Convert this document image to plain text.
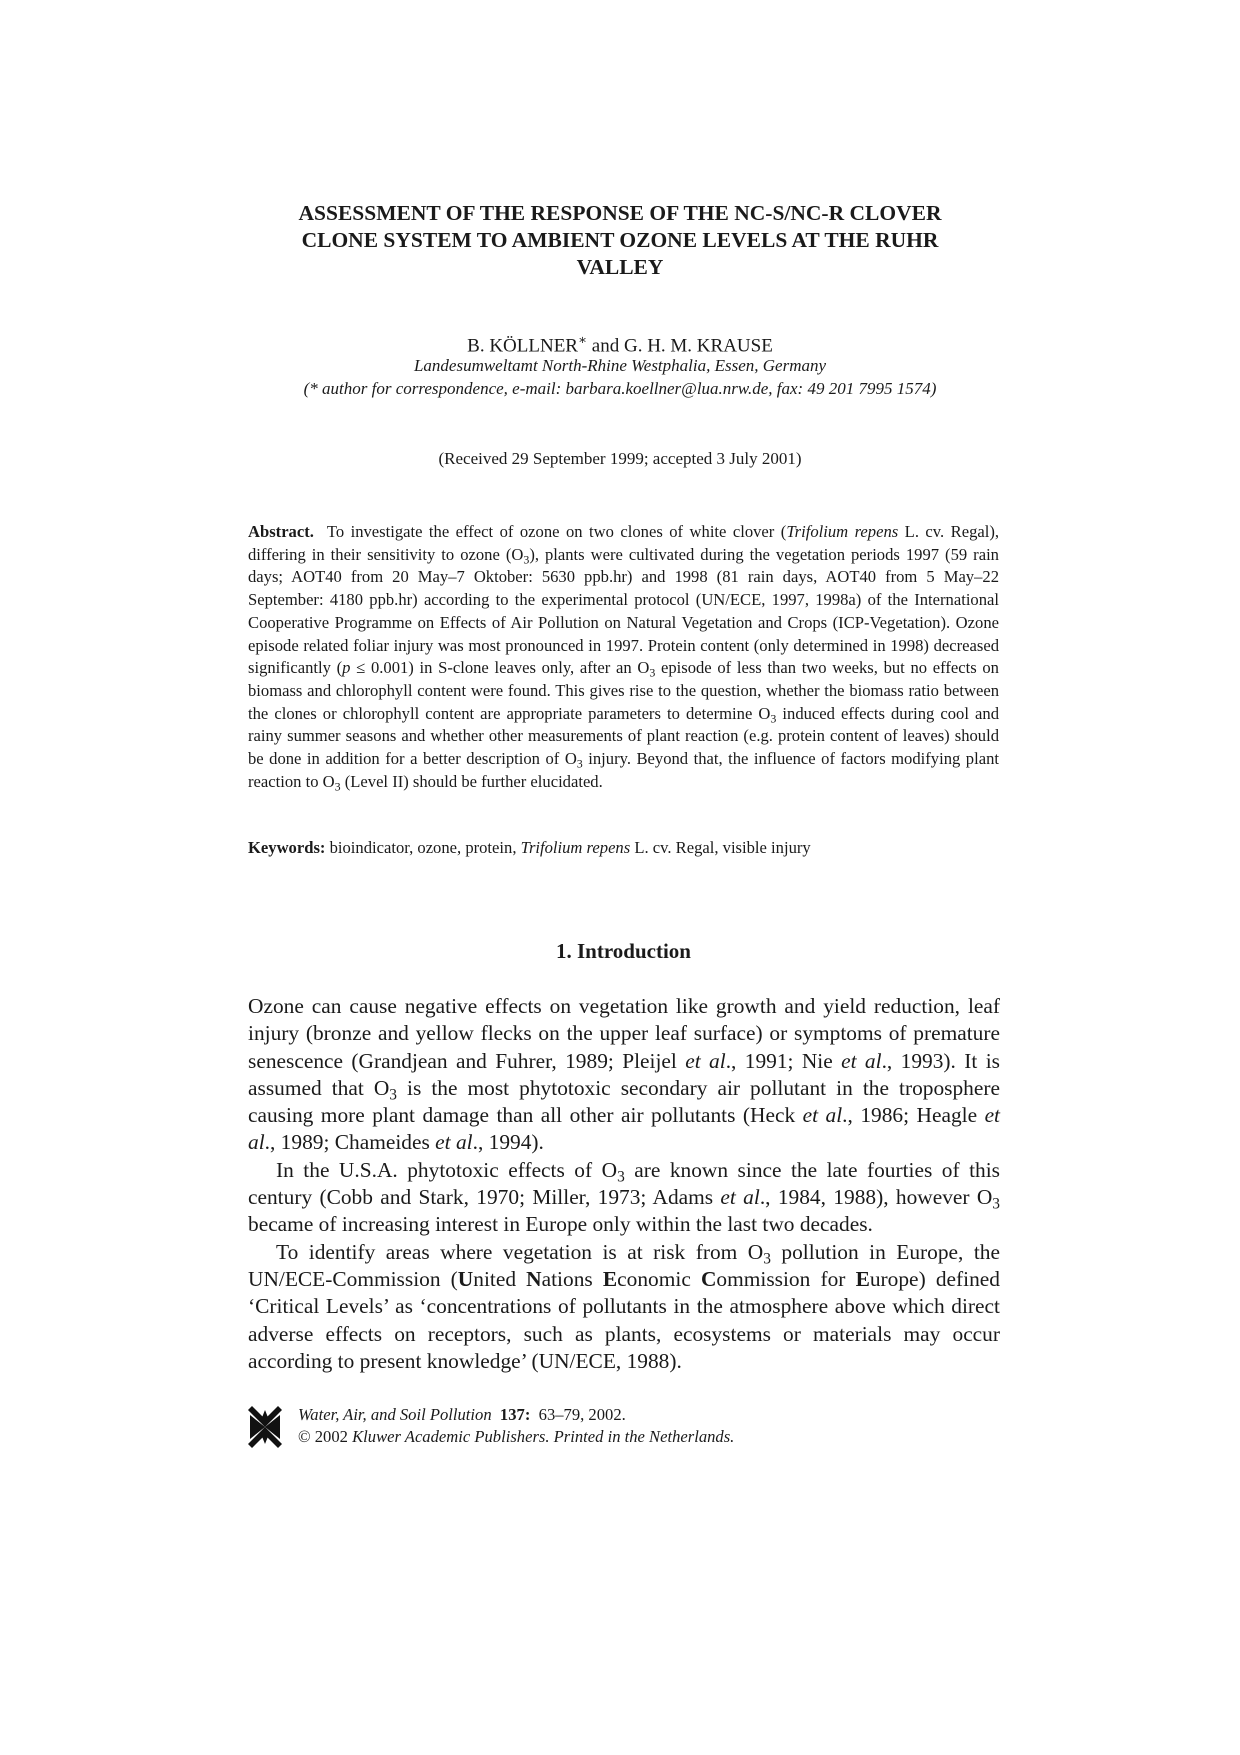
ASSESSMENT OF THE RESPONSE OF THE NC-S/NC-R CLOVER
CLONE SYSTEM TO AMBIENT OZONE LEVELS AT THE RUHR
VALLEY
B. KÖLLNER∗ and G. H. M. KRAUSE
Landesumweltamt North-Rhine Westphalia, Essen, Germany
(* author for correspondence, e-mail: barbara.koellner@lua.nrw.de, fax: 49 201 7995 1574)
(Received 29 September 1999; accepted 3 July 2001)
Abstract. To investigate the effect of ozone on two clones of white clover (Trifolium repens L. cv. Regal), differing in their sensitivity to ozone $(O_3)$, plants were cultivated during the vegetation periods 1997 (59 rain days; AOT40 from 20 May–7 Oktober: 5630 ppb.hr) and 1998 (81 rain days, AOT40 from 5 May–22 September: 4180 ppb.hr) according to the experimental protocol (UN/ECE, 1997, 1998a) of the International Cooperative Programme on Effects of Air Pollution on Natural Vegetation and Crops (ICP-Vegetation). Ozone episode related foliar injury was most pronounced in 1997. Protein content (only determined in 1998) decreased significantly (p ≤ 0.001) in S-clone leaves only, after an $O_3$ episode of less than two weeks, but no effects on biomass and chlorophyll content were found. This gives rise to the question, whether the biomass ratio between the clones or chlorophyll content are appropriate parameters to determine $O_3$ induced effects during cool and rainy summer seasons and whether other measurements of plant reaction (e.g. protein content of leaves) should be done in addition for a better description of $O_3$ injury. Beyond that, the influence of factors modifying plant reaction to $O_3$ (Level II) should be further elucidated.
Keywords: bioindicator, ozone, protein, Trifolium repens L. cv. Regal, visible injury
1. Introduction

Ozone can cause negative effects on vegetation like growth and yield reduction, leaf injury (bronze and yellow flecks on the upper leaf surface) or symptoms of premature senescence (Grandjean and Fuhrer, 1989; Pleijel et al., 1991; Nie et al., 1993). It is assumed that $O_3$ is the most phytotoxic secondary air pollutant in the troposphere causing more plant damage than all other air pollutants (Heck et al., 1986; Heagle et al., 1989; Chameides et al., 1994).

In the U.S.A. phytotoxic effects of $O_3$ are known since the late fourties of this century (Cobb and Stark, 1970; Miller, 1973; Adams et al., 1984, 1988), however $O_3$ became of increasing interest in Europe only within the last two decades.

To identify areas where vegetation is at risk from $O_3$ pollution in Europe, the UN/ECE-Commission (United Nations Economic Commission for Europe) defined ‘Critical Levels’ as ‘concentrations of pollutants in the atmosphere above which direct adverse effects on receptors, such as plants, ecosystems or materials may occur according to present knowledge’ (UN/ECE, 1988).

Water, Air, and Soil Pollution 137: 63–79, 2002.
© 2002 Kluwer Academic Publishers. Printed in the Netherlands.
